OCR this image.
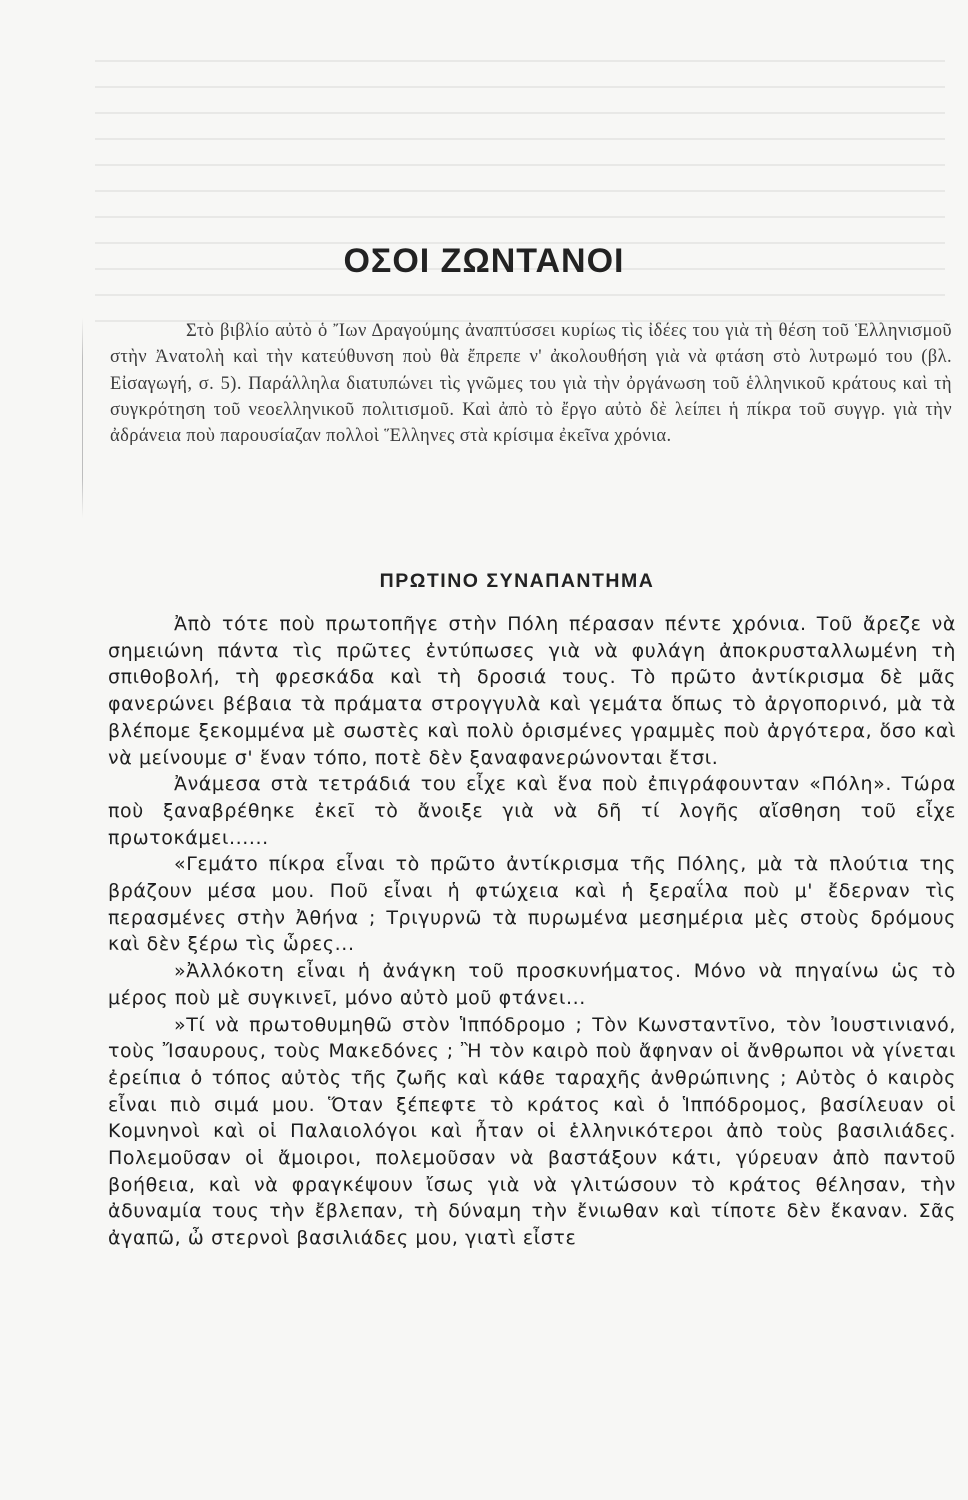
ΟΣΟΙ ΖΩΝΤΑΝΟΙ

Στὸ βιβλίο αὐτὸ ὁ Ἴων Δραγούμης ἀναπτύσσει κυρίως τὶς ἰδέες του γιὰ τὴ θέση τοῦ Ἑλληνισμοῦ στὴν Ἀνατολὴ καὶ τὴν κατεύθυνση ποὺ θὰ ἔπρεπε ν' ἀκολουθήση γιὰ νὰ φτάση στὸ λυτρωμό του (βλ. Εἰσαγωγή, σ. 5). Παράλληλα διατυπώνει τὶς γνῶμες του γιὰ τὴν ὀργάνωση τοῦ ἑλληνικοῦ κράτους καὶ τὴ συγκρότηση τοῦ νεοελληνικοῦ πολιτισμοῦ. Καὶ ἀπὸ τὸ ἔργο αὐτὸ δὲ λείπει ἡ πίκρα τοῦ συγγρ. γιὰ τὴν ἀδράνεια ποὺ παρουσίαζαν πολλοὶ Ἕλληνες στὰ κρίσιμα ἐκεῖνα χρόνια.

ΠΡΩΤΙΝΟ ΣΥΝΑΠΑΝΤΗΜΑ

Ἀπὸ τότε ποὺ πρωτοπῆγε στὴν Πόλη πέρασαν πέντε χρόνια. Τοῦ ἄρεζε νὰ σημειώνη πάντα τὶς πρῶτες ἐντύπωσες γιὰ νὰ φυλάγη ἀποκρυσταλλωμένη τὴ σπιθοβολή, τὴ φρεσκάδα καὶ τὴ δροσιά τους. Τὸ πρῶτο ἀντίκρισμα δὲ μᾶς φανερώνει βέβαια τὰ πράματα στρογγυλὰ καὶ γεμάτα ὅπως τὸ ἀργοπορινό, μὰ τὰ βλέπομε ξεκομμένα μὲ σωστὲς καὶ πολὺ ὁρισμένες γραμμὲς ποὺ ἀργότερα, ὅσο καὶ νὰ μείνουμε σ' ἕναν τόπο, ποτὲ δὲν ξαναφανερώνονται ἔτσι.

Ἀνάμεσα στὰ τετράδιά του εἶχε καὶ ἕνα ποὺ ἐπιγράφουνταν «Πόλη». Τώρα ποὺ ξαναβρέθηκε ἐκεῖ τὸ ἄνοιξε γιὰ νὰ δῆ τί λογῆς αἴσθηση τοῦ εἶχε πρωτοκάμει......

«Γεμάτο πίκρα εἶναι τὸ πρῶτο ἀντίκρισμα τῆς Πόλης, μὰ τὰ πλούτια της βράζουν μέσα μου. Ποῦ εἶναι ἡ φτώχεια καὶ ἡ ξεραΐλα ποὺ μ' ἔδερναν τὶς περασμένες στὴν Ἀθήνα ; Τριγυρνῶ τὰ πυρωμένα μεσημέρια μὲς στοὺς δρόμους καὶ δὲν ξέρω τὶς ὧρες...

»Ἀλλόκοτη εἶναι ἡ ἀνάγκη τοῦ προσκυνήματος. Μόνο νὰ πηγαίνω ὡς τὸ μέρος ποὺ μὲ συγκινεῖ, μόνο αὐτὸ μοῦ φτάνει...

»Τί νὰ πρωτοθυμηθῶ στὸν Ἱππόδρομο ; Τὸν Κωνσταντῖνο, τὸν Ἰουστινιανό, τοὺς Ἴσαυρους, τοὺς Μακεδόνες ; Ἢ τὸν καιρὸ ποὺ ἄφηναν οἱ ἄνθρωποι νὰ γίνεται ἐρείπια ὁ τόπος αὐτὸς τῆς ζωῆς καὶ κάθε ταραχῆς ἀνθρώπινης ; Αὐτὸς ὁ καιρὸς εἶναι πιὸ σιμά μου. Ὅταν ξέπεφτε τὸ κράτος καὶ ὁ Ἱππόδρομος, βασίλευαν οἱ Κομνηνοὶ καὶ οἱ Παλαιολόγοι καὶ ἦταν οἱ ἑλληνικότεροι ἀπὸ τοὺς βασιλιάδες. Πολεμοῦσαν οἱ ἄμοιροι, πολεμοῦσαν νὰ βαστάξουν κάτι, γύρευαν ἀπὸ παντοῦ βοήθεια, καὶ νὰ φραγκέψουν ἴσως γιὰ νὰ γλιτώσουν τὸ κράτος θέλησαν, τὴν ἀδυναμία τους τὴν ἔβλεπαν, τὴ δύναμη τὴν ἔνιωθαν καὶ τίποτε δὲν ἔκαναν. Σᾶς ἀγαπῶ, ὦ στερνοὶ βασιλιάδες μου, γιατὶ εἶστε
